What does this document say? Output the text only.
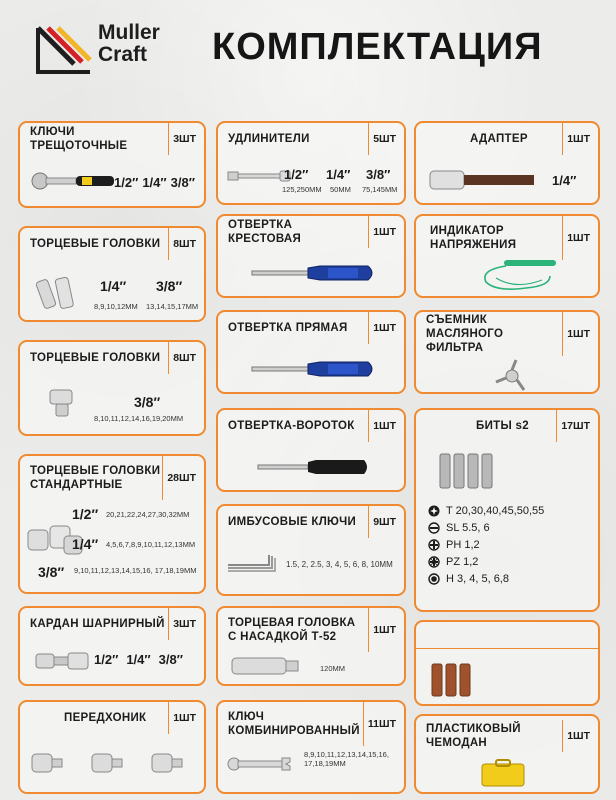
Muller
Craft	КОМПЛЕКТАЦИЯ
КЛЮЧИ ТРЕЩОТОЧНЫЕ
3ШТ
1/2″ 1/4″ 3/8″
ТОРЦЕВЫЕ ГОЛОВКИ	8ШТ
1/4″
8,9,10,12MM
3/8″
13,14,15,17MM
ТОРЦЕВЫЕ ГОЛОВКИ	8ШТ
3/8″
8,10,11,12,14,16,19,20MM
ТОРЦЕВЫЕ ГОЛОВКИ
СТАНДАРТНЫЕ
28ШТ
1/2″ 20,21,22,24,27,30,32MM
1/4″ 4,5,6,7,8,9,10,11,12,13MM
3/8″ 9,10,11,12,13,14,15,16, 17,18,19MM
КАРДАН ШАРНИРНЫЙ 3ШТ
1/2″ 1/4″ 3/8″
ПЕРЕДХОНИК	1ШТ
УДЛИНИТЕЛИ	5ШТ
1/2″
125,250MM
1/4″
50MM
3/8″
75,145MM
ОТВЕРТКА КРЕСТОВАЯ
1ШТ
ОТВЕРТКА ПРЯМАЯ	1ШТ
ОТВЕРТКА-ВОРОТОК	1ШТ
ИМБУСОВЫЕ КЛЮЧИ	9ШТ
1.5, 2, 2.5, 3, 4, 5, 6, 8, 10MM
ТОРЦЕВАЯ ГОЛОВКА
С НАСАДКОЙ Т-52
1ШТ
120MM
КЛЮЧ
КОМБИНИРОВАННЫЙ
11ШТ
8,9,10,11,12,13,14,15,16, 17,18,19MM
АДАПТЕР	1ШТ
1/4″
ИНДИКАТОР
НАПРЯЖЕНИЯ
1ШТ
СЪЕМНИК МАСЛЯНОГО
ФИЛЬТРА
1ШТ
БИТЫ s2	17ШТ
T 20,30,40,45,50,55
SL 5.5, 6
PH 1,2
PZ 1,2
H 3, 4, 5, 6,8
ПЛАСТИКОВЫЙ ЧЕМОДАН
1ШТ
